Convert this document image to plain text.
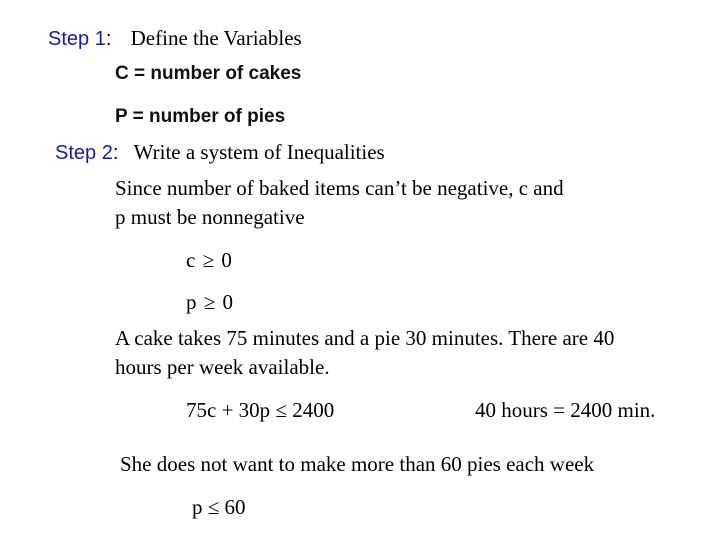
Step 1: Define the Variables
C = number of cakes
P = number of pies
Step 2: Write a system of Inequalities
Since number of baked items can’t be negative, c and
p must be nonnegative
c ≥ 0
p ≥ 0
A cake takes 75 minutes and a pie 30 minutes. There are 40
hours per week available.
75c + 30p ≤ 2400	40 hours = 2400 min.
She does not want to make more than 60 pies each week
p ≤ 60
